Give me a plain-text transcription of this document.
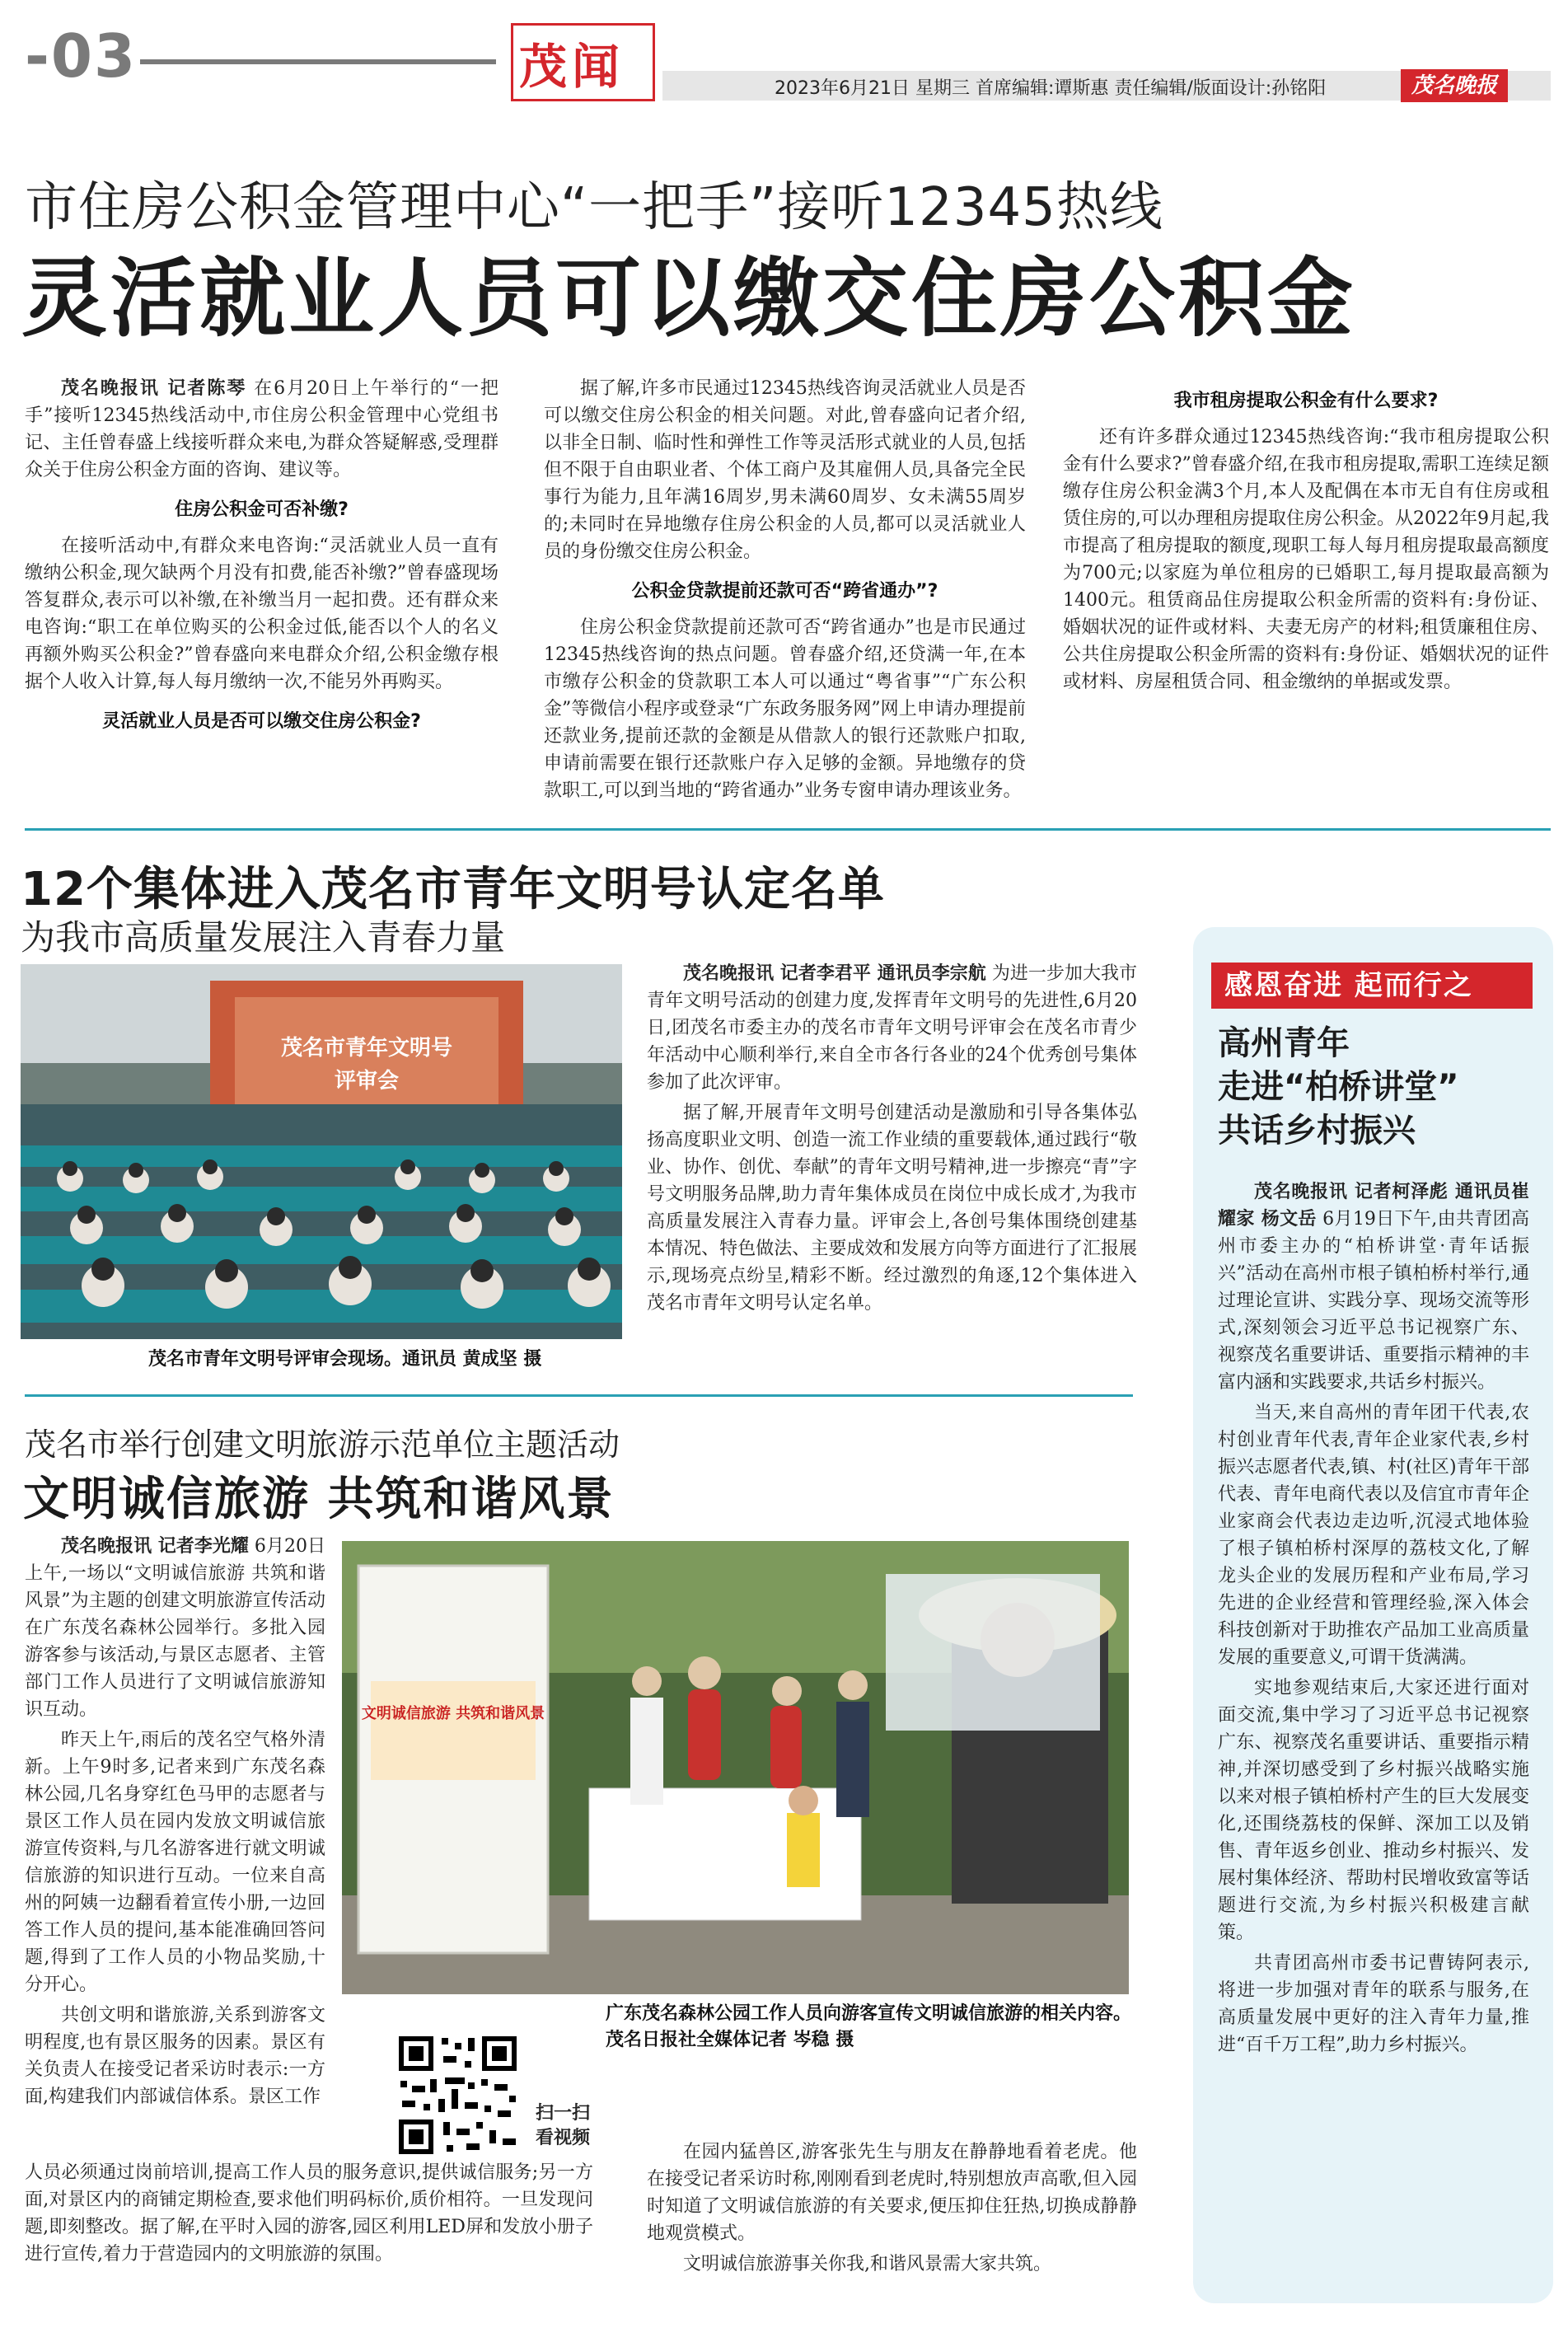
-03	茂闻	2023年6月21日 星期三 首席编辑:谭斯惠 责任编辑/版面设计:孙铭阳	茂名晚报
市住房公积金管理中心“一把手”接听12345热线
灵活就业人员可以缴交住房公积金

茂名晚报讯 记者陈琴 在6月20日上午举行的“一把手”接听12345热线活动中,市住房公积金管理中心党组书记、主任曾春盛上线接听群众来电,为群众答疑解惑,受理群众关于住房公积金方面的咨询、建议等。

住房公积金可否补缴?

在接听活动中,有群众来电咨询:“灵活就业人员一直有缴纳公积金,现欠缺两个月没有扣费,能否补缴?”曾春盛现场答复群众,表示可以补缴,在补缴当月一起扣费。还有群众来电咨询:“职工在单位购买的公积金过低,能否以个人的名义再额外购买公积金?”曾春盛向来电群众介绍,公积金缴存根据个人收入计算,每人每月缴纳一次,不能另外再购买。

灵活就业人员是否可以缴交住房公积金?

据了解,许多市民通过12345热线咨询灵活就业人员是否可以缴交住房公积金的相关问题。对此,曾春盛向记者介绍,以非全日制、临时性和弹性工作等灵活形式就业的人员,包括但不限于自由职业者、个体工商户及其雇佣人员,具备完全民事行为能力,且年满16周岁,男未满60周岁、女未满55周岁的;未同时在异地缴存住房公积金的人员,都可以灵活就业人员的身份缴交住房公积金。

公积金贷款提前还款可否“跨省通办”?

住房公积金贷款提前还款可否“跨省通办”也是市民通过12345热线咨询的热点问题。曾春盛介绍,还贷满一年,在本市缴存公积金的贷款职工本人可以通过“粤省事”“广东公积金”等微信小程序或登录“广东政务服务网”网上申请办理提前还款业务,提前还款的金额是从借款人的银行还款账户扣取,申请前需要在银行还款账户存入足够的金额。异地缴存的贷款职工,可以到当地的“跨省通办”业务专窗申请办理该业务。

我市租房提取公积金有什么要求?

还有许多群众通过12345热线咨询:“我市租房提取公积金有什么要求?”曾春盛介绍,在我市租房提取,需职工连续足额缴存住房公积金满3个月,本人及配偶在本市无自有住房或租赁住房的,可以办理租房提取住房公积金。从2022年9月起,我市提高了租房提取的额度,现职工每人每月租房提取最高额度为700元;以家庭为单位租房的已婚职工,每月提取最高额为1400元。租赁商品住房提取公积金所需的资料有:身份证、婚姻状况的证件或材料、夫妻无房产的材料;租赁廉租住房、公共住房提取公积金所需的资料有:身份证、婚姻状况的证件或材料、房屋租赁合同、租金缴纳的单据或发票。

12个集体进入茂名市青年文明号认定名单
为我市高质量发展注入青春力量
茂名市青年文明号
评审会
茂名市青年文明号评审会现场。通讯员 黄成坚 摄

茂名晚报讯 记者李君平 通讯员李宗航 为进一步加大我市青年文明号活动的创建力度,发挥青年文明号的先进性,6月20日,团茂名市委主办的茂名市青年文明号评审会在茂名市青少年活动中心顺利举行,来自全市各行各业的24个优秀创号集体参加了此次评审。

据了解,开展青年文明号创建活动是激励和引导各集体弘扬高度职业文明、创造一流工作业绩的重要载体,通过践行“敬业、协作、创优、奉献”的青年文明号精神,进一步擦亮“青”字号文明服务品牌,助力青年集体成员在岗位中成长成才,为我市高质量发展注入青春力量。评审会上,各创号集体围绕创建基本情况、特色做法、主要成效和发展方向等方面进行了汇报展示,现场亮点纷呈,精彩不断。经过激烈的角逐,12个集体进入茂名市青年文明号认定名单。

茂名市举行创建文明旅游示范单位主题活动
文明诚信旅游 共筑和谐风景

茂名晚报讯 记者李光耀 6月20日上午,一场以“文明诚信旅游 共筑和谐风景”为主题的创建文明旅游宣传活动在广东茂名森林公园举行。多批入园游客参与该活动,与景区志愿者、主管部门工作人员进行了文明诚信旅游知识互动。

昨天上午,雨后的茂名空气格外清新。上午9时多,记者来到广东茂名森林公园,几名身穿红色马甲的志愿者与景区工作人员在园内发放文明诚信旅游宣传资料,与几名游客进行就文明诚信旅游的知识进行互动。一位来自高州的阿姨一边翻看着宣传小册,一边回答工作人员的提问,基本能准确回答问题,得到了工作人员的小物品奖励,十分开心。

共创文明和谐旅游,关系到游客文明程度,也有景区服务的因素。景区有关负责人在接受记者采访时表示:一方面,构建我们内部诚信体系。景区工作

文明诚信旅游 共筑和谐风景
广东茂名森林公园工作人员向游客宣传文明诚信旅游的相关内容。 茂名日报社全媒体记者 岑稳 摄
扫一扫
看视频

人员必须通过岗前培训,提高工作人员的服务意识,提供诚信服务;另一方面,对景区内的商铺定期检查,要求他们明码标价,质价相符。一旦发现问题,即刻整改。据了解,在平时入园的游客,园区利用LED屏和发放小册子进行宣传,着力于营造园内的文明旅游的氛围。

在园内猛兽区,游客张先生与朋友在静静地看着老虎。他在接受记者采访时称,刚刚看到老虎时,特别想放声高歌,但入园时知道了文明诚信旅游的有关要求,便压抑住狂热,切换成静静地观赏模式。

文明诚信旅游事关你我,和谐风景需大家共筑。

感恩奋进 起而行之
高州青年
走进“柏桥讲堂”
共话乡村振兴

茂名晚报讯 记者柯泽彪 通讯员崔耀家 杨文岳 6月19日下午,由共青团高州市委主办的“柏桥讲堂·青年话振兴”活动在高州市根子镇柏桥村举行,通过理论宣讲、实践分享、现场交流等形式,深刻领会习近平总书记视察广东、视察茂名重要讲话、重要指示精神的丰富内涵和实践要求,共话乡村振兴。

当天,来自高州的青年团干代表,农村创业青年代表,青年企业家代表,乡村振兴志愿者代表,镇、村(社区)青年干部代表、青年电商代表以及信宜市青年企业家商会代表边走边听,沉浸式地体验了根子镇柏桥村深厚的荔枝文化,了解龙头企业的发展历程和产业布局,学习先进的企业经营和管理经验,深入体会科技创新对于助推农产品加工业高质量发展的重要意义,可谓干货满满。

实地参观结束后,大家还进行面对面交流,集中学习了习近平总书记视察广东、视察茂名重要讲话、重要指示精神,并深切感受到了乡村振兴战略实施以来对根子镇柏桥村产生的巨大发展变化,还围绕荔枝的保鲜、深加工以及销售、青年返乡创业、推动乡村振兴、发展村集体经济、帮助村民增收致富等话题进行交流,为乡村振兴积极建言献策。

共青团高州市委书记曹铸阿表示,将进一步加强对青年的联系与服务,在高质量发展中更好的注入青年力量,推进“百千万工程”,助力乡村振兴。
